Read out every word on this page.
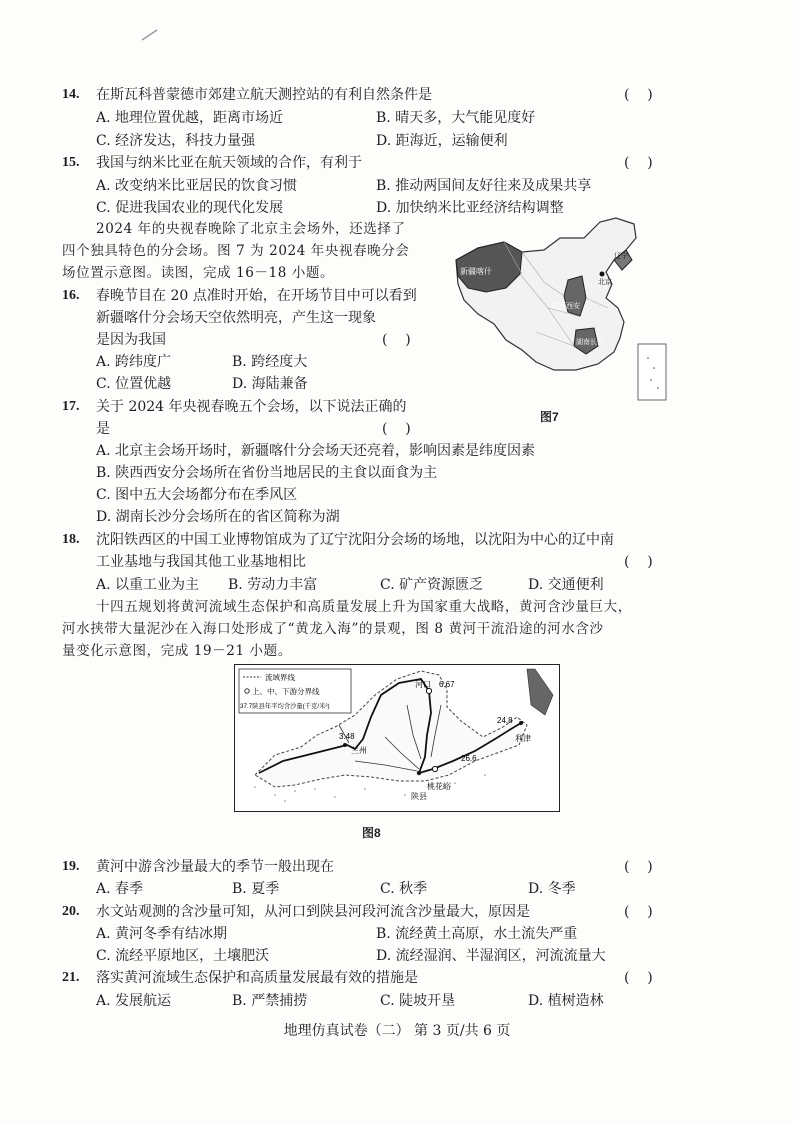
14. 在斯瓦科普蒙德市郊建立航天测控站的有利自然条件是	(    )
A. 地理位置优越，距离市场近	B. 晴天多，大气能见度好
C. 经济发达，科技力量强	D. 距海近，运输便利
15. 我国与纳米比亚在航天领域的合作，有利于	(    )
A. 改变纳米比亚居民的饮食习惯	B. 推动两国间友好往来及成果共享
C. 促进我国农业的现代化发展	D. 加快纳米比亚经济结构调整
2024 年的央视春晚除了北京主会场外，还选择了
四个独具特色的分会场。图 7 为 2024 年央视春晚分会
场位置示意图。读图，完成 16－18 小题。	新疆喀什
陕西西安
湖南长沙
辽宁
北京
图7
16. 春晚节目在 20 点准时开始，在开场节目中可以看到
新疆喀什分会场天空依然明亮，产生这一现象
是因为我国	(    )
A. 跨纬度广	B. 跨经度大
C. 位置优越	D. 海陆兼备
17. 关于 2024 年央视春晚五个会场，以下说法正确的
是	(    )
A. 北京主会场开场时，新疆喀什分会场天还亮着，影响因素是纬度因素
B. 陕西西安分会场所在省份当地居民的主食以面食为主
C. 图中五大会场都分布在季风区
D. 湖南长沙分会场所在的省区简称为湖
18. 沈阳铁西区的中国工业博物馆成为了辽宁沈阳分会场的场地，以沈阳为中心的辽中南
工业基地与我国其他工业基地相比	(    )
A. 以重工业为主 B. 劳动力丰富	C. 矿产资源匮乏	D. 交通便利
十四五规划将黄河流域生态保护和高质量发展上升为国家重大战略，黄河含沙量巨大，
河水挟带大量泥沙在入海口处形成了“黄龙入海”的景观，图 8 黄河干流沿途的河水含沙
量变化示意图，完成 19－21 小题。
流域界线
上、中、下游分界线
37.7陕县年平均含沙量(千克/米³)
河口 6.67
兰州
3.48
桃花峪
26.6
陕县
利津
24.8
图8
19. 黄河中游含沙量最大的季节一般出现在	(    )
A. 春季	B. 夏季	C. 秋季	D. 冬季
20. 水文站观测的含沙量可知，从河口到陕县河段河流含沙量最大，原因是	(    )
A. 黄河冬季有结冰期	B. 流经黄土高原，水土流失严重
C. 流经平原地区，土壤肥沃	D. 流经湿润、半湿润区，河流流量大
21. 落实黄河流域生态保护和高质量发展最有效的措施是	(    )
A. 发展航运	B. 严禁捕捞	C. 陡坡开垦	D. 植树造林
地理仿真试卷（二） 第 3 页/共 6 页
